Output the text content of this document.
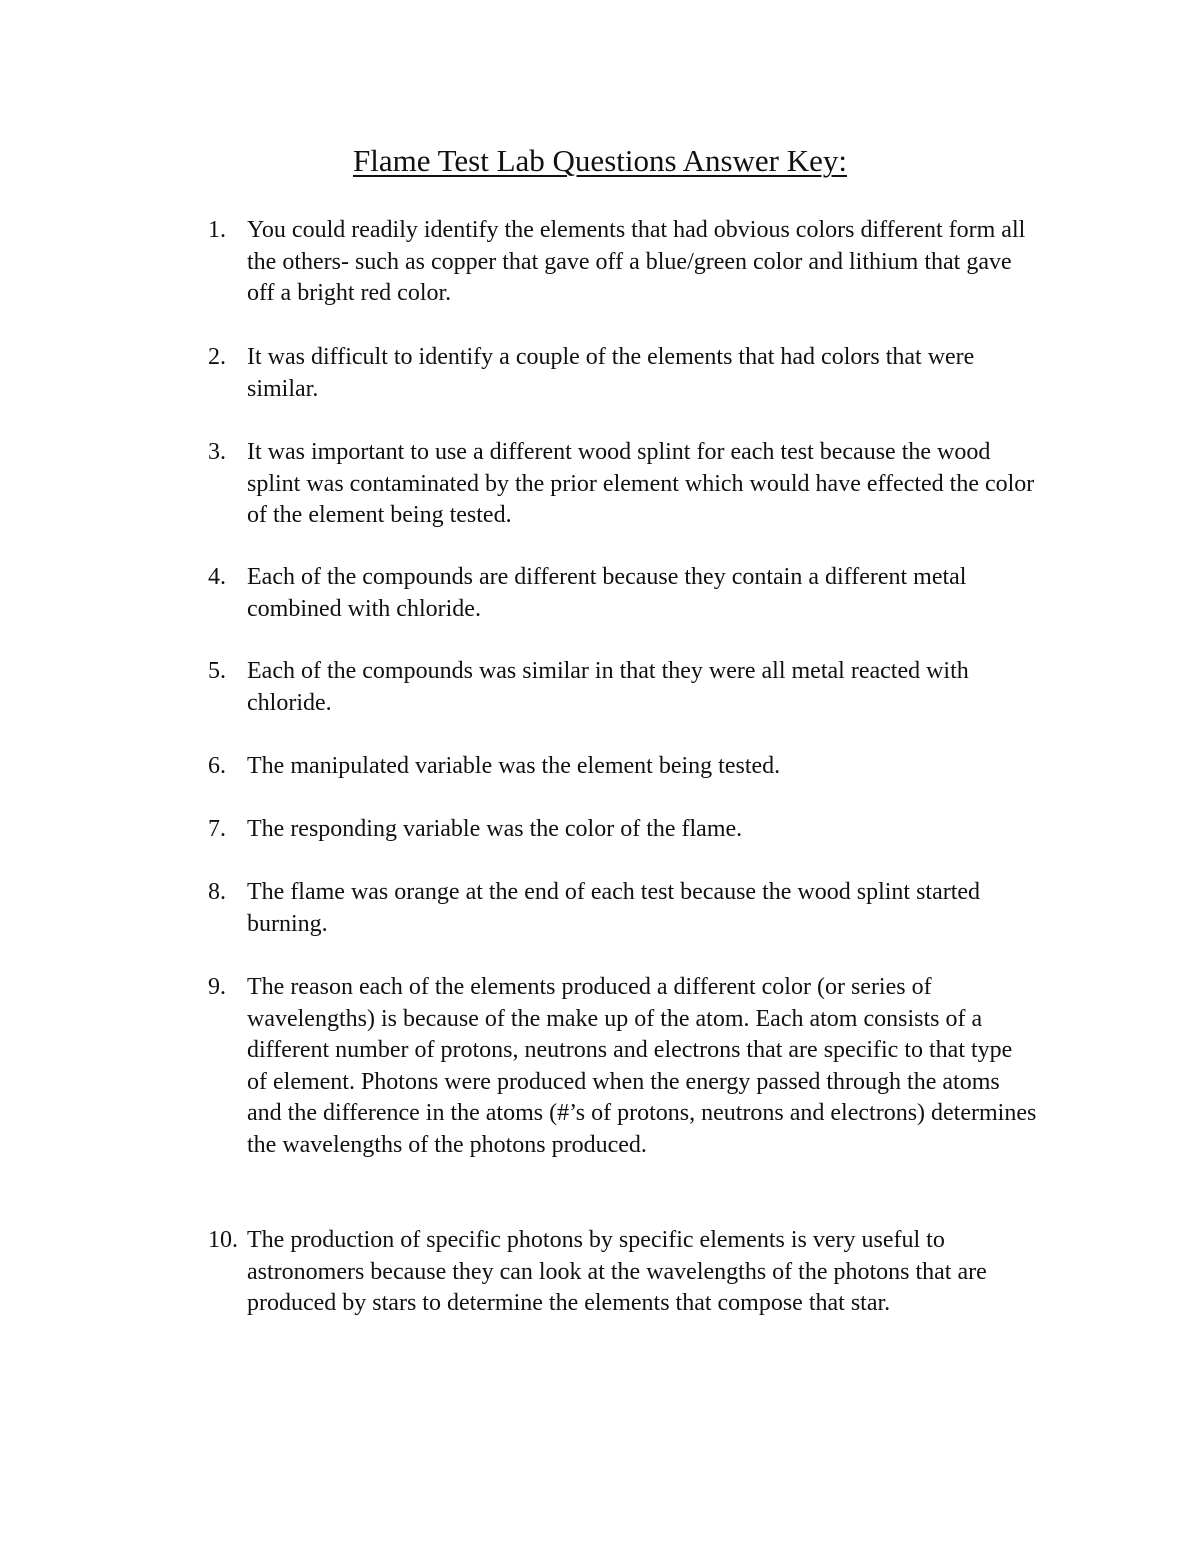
Flame Test Lab Questions Answer Key:
1. You could readily identify the elements that had obvious colors different form all the others- such as copper that gave off a blue/green color and lithium that gave off a bright red color.

2. It was difficult to identify a couple of the elements that had colors that were similar.

3. It was important to use a different wood splint for each test because the wood splint was contaminated by the prior element which would have effected the color of the element being tested.

4. Each of the compounds are different because they contain a different metal combined with chloride.

5. Each of the compounds was similar in that they were all metal reacted with chloride.

6. The manipulated variable was the element being tested.

7. The responding variable was the color of the flame.

8. The flame was orange at the end of each test because the wood splint started burning.

9. The reason each of the elements produced a different color (or series of wavelengths) is because of the make up of the atom. Each atom consists of a different number of protons, neutrons and electrons that are specific to that type of element. Photons were produced when the energy passed through the atoms and the difference in the atoms (#’s of protons, neutrons and electrons) determines the wavelengths of the photons produced.

10. The production of specific photons by specific elements is very useful to astronomers because they can look at the wavelengths of the photons that are produced by stars to determine the elements that compose that star.
